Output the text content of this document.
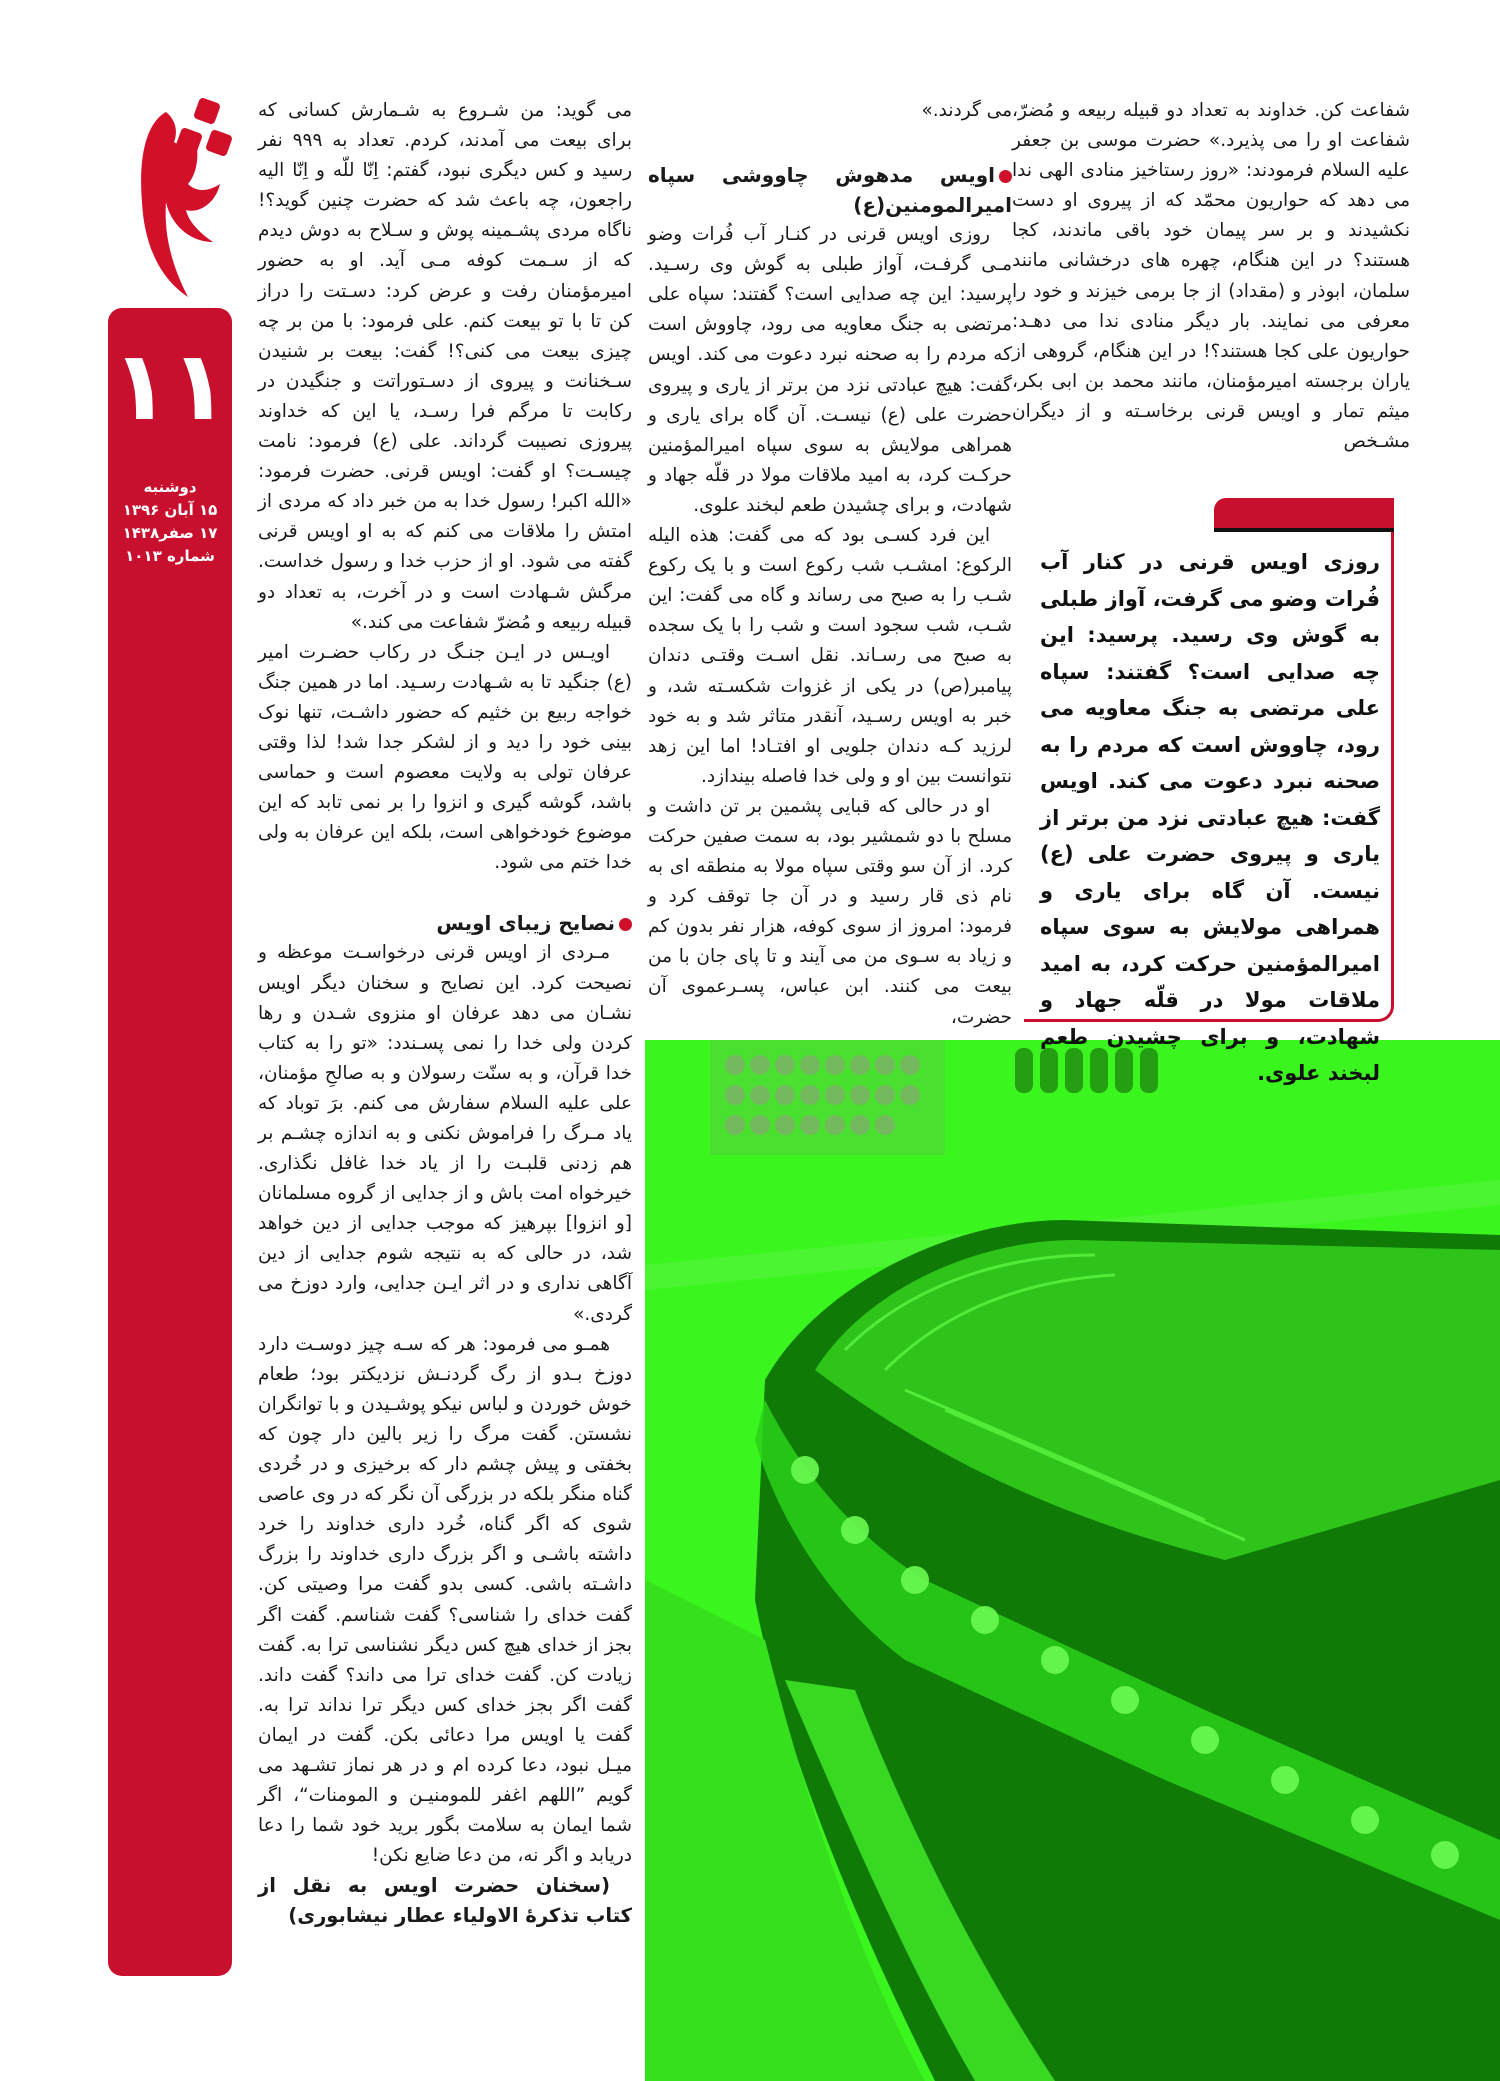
۱۱
دوشنبه
۱۵ آبان ۱۳۹۶
۱۷ صفر۱۴۳۸
شماره ۱۰۱۳

شفاعت کن. خداوند به تعداد دو قبیله ربیعه و مُضرّ، شفاعت او را می پذیرد.» حضرت موسی بن جعفر علیه السلام فرمودند: «روز رستاخیز منادی الهی ندا می دهد که حواریون محمّد که از پیروی او دست نکشیدند و بر سر پیمان خود باقی ماندند، کجا هستند؟ در این هنگام، چهره های درخشانی مانند سلمان، ابوذر و (مقداد) از جا برمی خیزند و خود را معرفی می نمایند. بار دیگر منادی ندا می دهـد: حواریون علی کجا هستند؟! در این هنگام، گروهی از یاران برجسته امیرمؤمنان، مانند محمد بن ابی بکر، میثم تمار و اویس قرنی برخاسـته و از دیگران مشـخص

روزی اویس قرنی در کنار آب فُرات وضو می گرفت، آواز طبلی به گوش وی رسید. پرسید: این چه صدایی است؟ گفتند: سپاه علی مرتضی به جنگ معاویه می رود، چاووش است که مردم را به صحنه نبرد دعوت می کند. اویس گفت: هیچ عبادتی نزد من برتر از یاری و پیروی حضرت علی (ع) نیست. آن گاه برای یاری و همراهی مولایش به سوی سپاه امیرالمؤمنین حرکت کرد، به امید ملاقات مولا در قلّه جهاد و شهادت، و برای چشیدن طعم لبخند علوی.

می گردند.»

اویس مدهوش چاووشی سپاه امیرالمومنین(ع)

روزی اویس قرنی در کنـار آب فُرات وضو مـی گرفـت، آواز طبلی به گوش وی رسـید. پرسید: این چه صدایی است؟ گفتند: سپاه علی مرتضی به جنگ معاویه می رود، چاووش است که مردم را به صحنه نبرد دعوت می کند. اویس گفت: هیچ عبادتی نزد من برتر از یاری و پیروی حضرت علی (ع) نیسـت. آن گاه برای یاری و همراهی مولایش به سوی سپاه امیرالمؤمنین حرکـت کرد، به امید ملاقات مولا در قلّه جهاد و شهادت، و برای چشیدن طعم لبخند علوی.

این فرد کسـی بود که می گفت: هذه الیله الرکوع: امشـب شب رکوع است و با یک رکوع شـب را به صبح می رساند و گاه می گفت: این شـب، شب سجود است و شب را با یک سجده به صبح می رسـاند. نقل اسـت وقتـی دندان پیامبر(ص) در یکی از غزوات شکسـته شد، و خبر به اویس رسـید، آنقدر متاثر شد و به خود لرزید کـه دندان جلویی او افتـاد! اما این زهد نتوانست بین او و ولی خدا فاصله بیندازد.

او در حالی که قبایی پشمین بر تن داشت و مسلح با دو شمشیر بود، به سمت صفین حرکت کرد. از آن سو وقتی سپاه مولا به منطقه ای به نام ذی قار رسید و در آن جا توقف کرد و فرمود: امروز از سوی کوفه، هزار نفر بدون کم و زیاد به سـوی من می آیند و تا پای جان با من بیعت می کنند. ابن عباس، پسـرعموی آن حضرت،

می گوید: من شـروع به شـمارش کسانی که برای بیعت می آمدند، کردم. تعداد به ۹۹۹ نفر رسید و کس دیگری نبود، گفتم: اِنّا للّه و اِنّا الیه راجعون، چه باعث شد که حضرت چنین گوید؟! ناگاه مردی پشـمینه پوش و سـلاح به دوش دیدم که از سـمت کوفه مـی آید. او به حضور امیرمؤمنان رفت و عرض کرد: دسـتت را دراز کن تا با تو بیعت کنم. علی فرمود: با من بر چه چیزی بیعت می کنی؟! گفت: بیعت بر شنیدن سـخنانت و پیروی از دسـتوراتت و جنگیدن در رکابت تا مرگم فرا رسـد، یا این که خداوند پیروزی نصیبت گرداند. علی (ع) فرمود: نامت چیسـت؟ او گفت: اویس قرنی. حضرت فرمود: «الله اکبر! رسول خدا به من خبر داد که مردی از امتش را ملاقات می کنم که به او اویس قرنی گفته می شود. او از حزب خدا و رسول خداست. مرگش شـهادت است و در آخرت، به تعداد دو قبیله ربیعه و مُضرّ شفاعت می کند.»

اویـس در ایـن جنـگ در رکاب حضـرت امیر (ع) جنگید تا به شـهادت رسـید. اما در همین جنگ خواجه ربیع بن خثیم که حضور داشـت، تنها نوک بینی خود را دید و از لشکر جدا شد! لذا وقتی عرفان تولی به ولایت معصوم است و حماسی باشد، گوشه گیری و انزوا را بر نمی تابد که این موضوع خودخواهی است، بلکه این عرفان به ولی خدا ختم می شود.

نصایح زیبای اویس

مـردی از اویس قرنی درخواسـت موعظه و نصیحت کرد. این نصایح و سخنان دیگر اویس نشـان می دهد عرفان او منزوی شـدن و رها کردن ولی خدا را نمی پسـندد: «تو را به کتاب خدا قرآن، و به سنّت رسولان و به صالحِ مؤمنان، علی علیه السلام سفارش می کنم. برَ توباد که یاد مـرگ را فراموش نکنی و به اندازه چشـم بر هم زدنی قلبـت را از یاد خدا غافل نگذاری. خیرخواه امت باش و از جدایی از گروه مسلمانان [و انزوا] بپرهیز که موجب جدایی از دین خواهد شد، در حالی که به نتیجه شوم جدایی از دین آگاهی نداری و در اثر ایـن جدایی، وارد دوزخ می گردی.»

همـو می فرمود: هر که سـه چیز دوسـت دارد دوزخ بـدو از رگ گردنـش نزدیکتر بود؛ طعام خوش خوردن و لباس نیکو پوشـیدن و با توانگران نشستن. گفت مرگ را زیر بالین دار چون که بخفتی و پیش چشم دار که برخیزی و در خُردی گناه منگر بلکه در بزرگی آن نگر که در وی عاصی شوی که اگر گناه، خُرد داری خداوند را خرد داشته باشـی و اگر بزرگ داری خداوند را بزرگ داشـته باشی. کسی بدو گفت مرا وصیتی کن. گفت خدای را شناسی؟ گفت شناسم. گفت اگر بجز از خدای هیچ کس دیگر نشناسی ترا به. گفت زیادت کن. گفت خدای ترا می داند؟ گفت داند. گفت اگر بجز خدای کس دیگر ترا نداند ترا به. گفت یا اویس مرا دعائی بکن. گفت در ایمان میـل نبود، دعا کرده ام و در هر نماز تشـهد می گویم ”اللهم اغفر للمومنیـن و المومنات“، اگر شما ایمان به سلامت بگور برید خود شما را دعا دریابد و اگر نه، من دعا ضایع نکن!

(سخنان حضرت اویس به نقل از کتاب تذکرۀ الاولیاء عطار نیشابوری)
